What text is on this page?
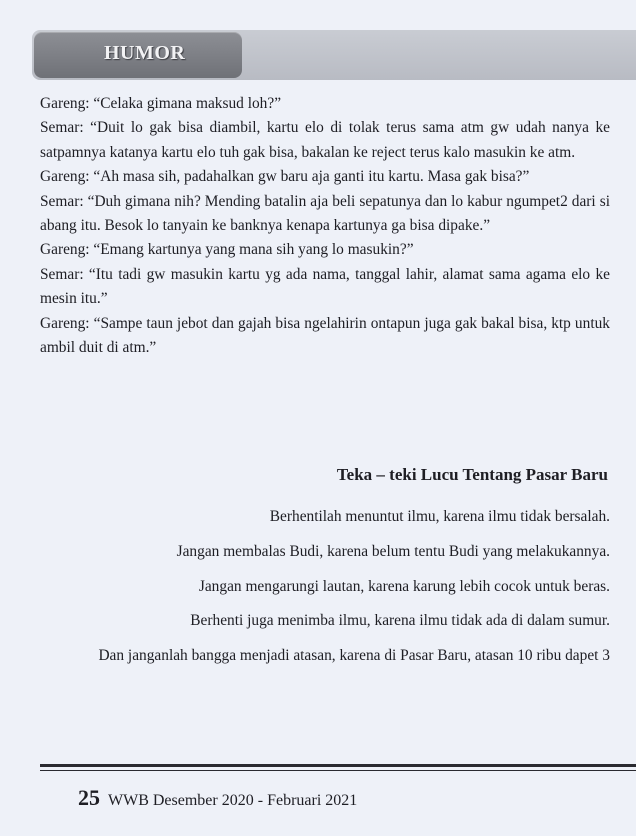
HUMOR

Gareng: “Celaka gimana maksud loh?”

Semar: “Duit lo gak bisa diambil, kartu elo di tolak terus sama atm gw udah nanya ke satpamnya katanya kartu elo tuh gak bisa, bakalan ke reject terus kalo masukin ke atm.

Gareng: “Ah masa sih, padahalkan gw baru aja ganti itu kartu. Masa gak bisa?”

Semar: “Duh gimana nih? Mending batalin aja beli sepatunya dan lo kabur ngumpet2 dari si abang itu. Besok lo tanyain ke banknya kenapa kartunya ga bisa dipake.”

Gareng: “Emang kartunya yang mana sih yang lo masukin?”

Semar: “Itu tadi gw masukin kartu yg ada nama, tanggal lahir, alamat sama agama elo ke mesin itu.”

Gareng: “Sampe taun jebot dan gajah bisa ngelahirin ontapun juga gak bakal bisa, ktp untuk ambil duit di atm.”

Teka – teki Lucu Tentang Pasar Baru
Berhentilah menuntut ilmu, karena ilmu tidak bersalah.
Jangan membalas Budi, karena belum tentu Budi yang melakukannya.
Jangan mengarungi lautan, karena karung lebih cocok untuk beras.
Berhenti juga menimba ilmu, karena ilmu tidak ada di dalam sumur.
Dan janganlah bangga menjadi atasan, karena di Pasar Baru, atasan 10 ribu dapet 3
25 WWB Desember 2020 - Februari 2021
